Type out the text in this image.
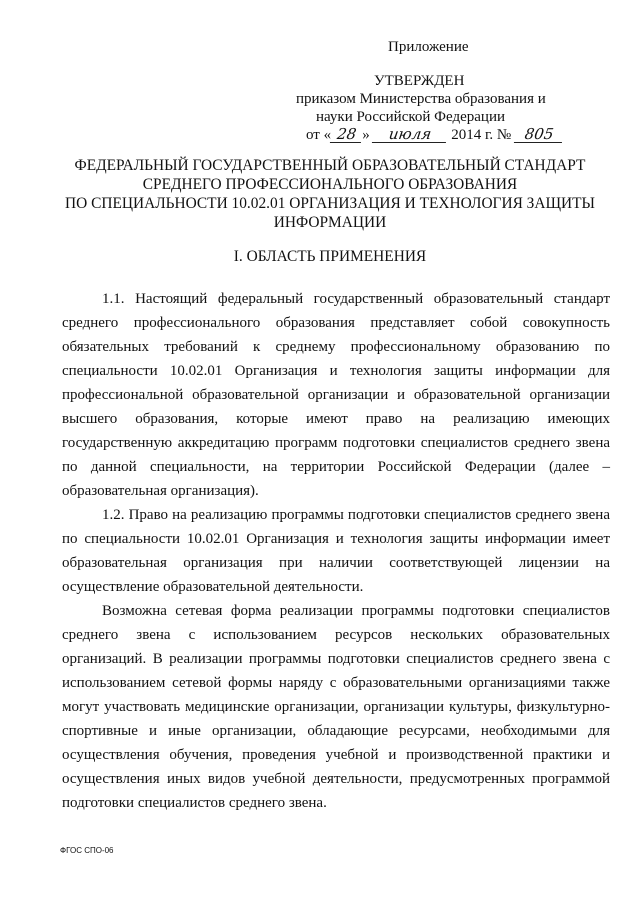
Приложение
УТВЕРЖДЕН
приказом Министерства образования и
науки Российской Федерации
от « 28 » июля 2014 г. № 805
ФЕДЕРАЛЬНЫЙ ГОСУДАРСТВЕННЫЙ ОБРАЗОВАТЕЛЬНЫЙ СТАНДАРТ
СРЕДНЕГО ПРОФЕССИОНАЛЬНОГО ОБРАЗОВАНИЯ
ПО СПЕЦИАЛЬНОСТИ 10.02.01 ОРГАНИЗАЦИЯ И ТЕХНОЛОГИЯ ЗАЩИТЫ
ИНФОРМАЦИИ
I. ОБЛАСТЬ ПРИМЕНЕНИЯ
1.1. Настоящий федеральный государственный образовательный стандарт
среднего профессионального образования представляет собой совокупность
обязательных требований к среднему профессиональному образованию по
специальности 10.02.01 Организация и технология защиты информации для
профессиональной образовательной организации и образовательной организации
высшего образования, которые имеют право на реализацию имеющих
государственную аккредитацию программ подготовки специалистов среднего звена
по данной специальности, на территории Российской Федерации (далее –
образовательная организация).
1.2. Право на реализацию программы подготовки специалистов среднего звена
по специальности 10.02.01 Организация и технология защиты информации имеет
образовательная организация при наличии соответствующей лицензии на
осуществление образовательной деятельности.
Возможна сетевая форма реализации программы подготовки специалистов
среднего звена с использованием ресурсов нескольких образовательных
организаций. В реализации программы подготовки специалистов среднего звена с
использованием сетевой формы наряду с образовательными организациями также
могут участвовать медицинские организации, организации культуры, физкультурно-
спортивные и иные организации, обладающие ресурсами, необходимыми для
осуществления обучения, проведения учебной и производственной практики и
осуществления иных видов учебной деятельности, предусмотренных программой
подготовки специалистов среднего звена.
ФГОС СПО-06
